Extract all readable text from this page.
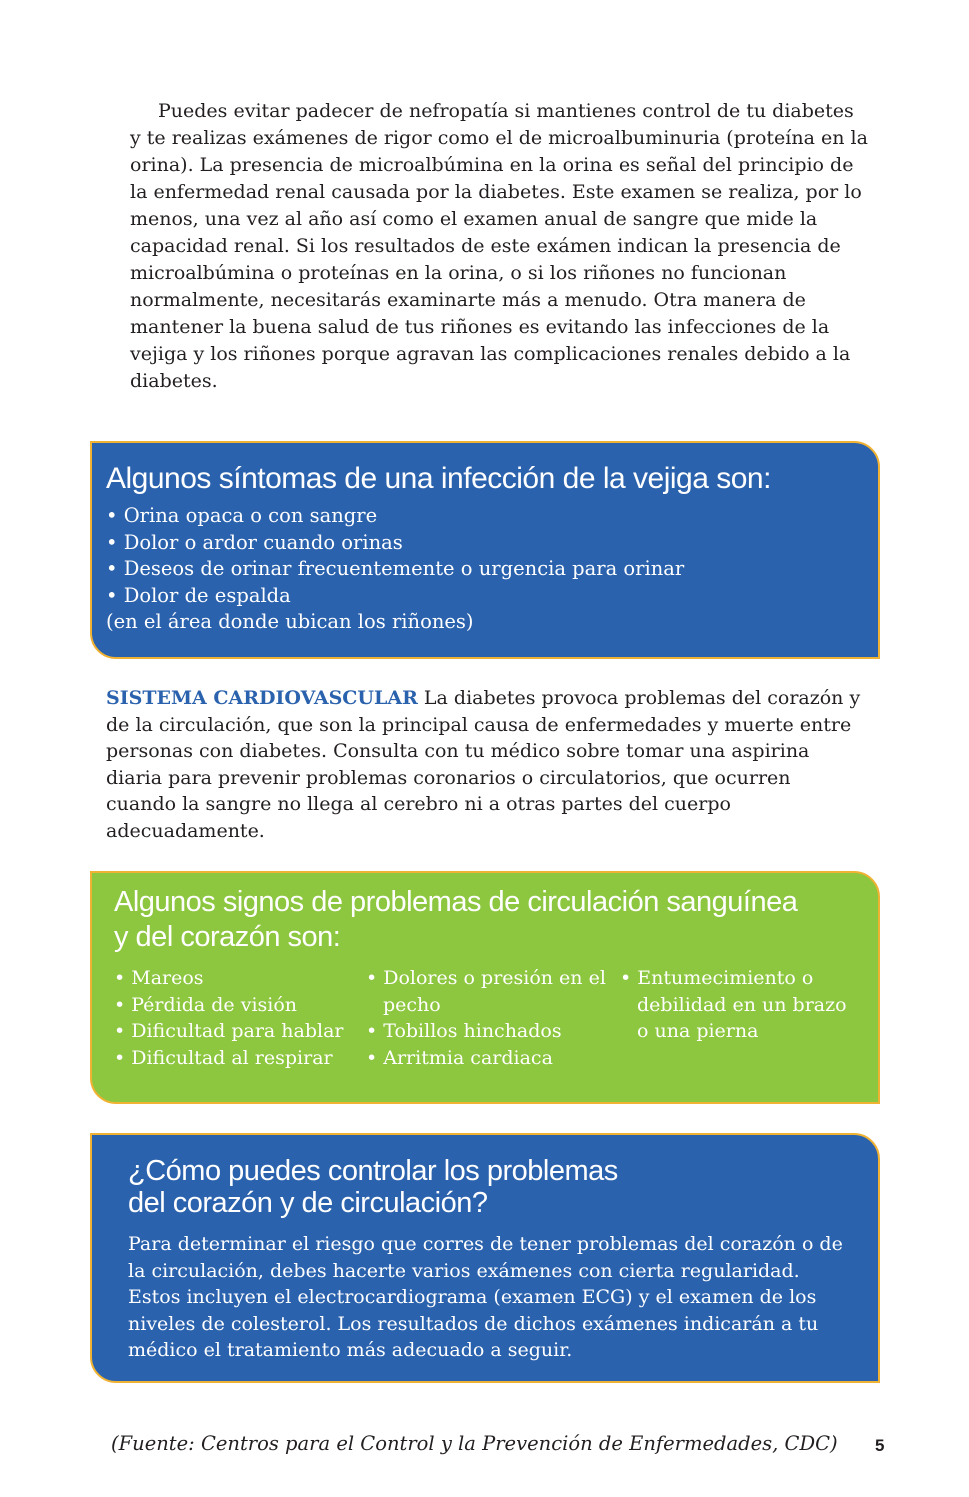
Puedes evitar padecer de nefropatía si mantienes control de tu diabetes y te realizas exámenes de rigor como el de microalbuminuria (proteína en la orina). La presencia de microalbúmina en la orina es señal del principio de la enfermedad renal causada por la diabetes. Este examen se realiza, por lo menos, una vez al año así como el examen anual de sangre que mide la capacidad renal. Si los resultados de este exámen indican la presencia de microalbúmina o proteínas en la orina, o si los riñones no funcionan normalmente, necesitarás examinarte más a menudo. Otra manera de mantener la buena salud de tus riñones es evitando las infecciones de la vejiga y los riñones porque agravan las complicaciones renales debido a la diabetes.

Algunos síntomas de una infección de la vejiga son:
• Orina opaca o con sangre
• Dolor o ardor cuando orinas
• Deseos de orinar frecuentemente o urgencia para orinar
• Dolor de espalda
(en el área donde ubican los riñones)

SISTEMA CARDIOVASCULAR La diabetes provoca problemas del corazón y de la circulación, que son la principal causa de enfermedades y muerte entre personas con diabetes. Consulta con tu médico sobre tomar una aspirina diaria para prevenir problemas coronarios o circulatorios, que ocurren cuando la sangre no llega al cerebro ni a otras partes del cuerpo adecuadamente.

Algunos signos de problemas de circulación sanguínea
y del corazón son:
• Mareos
• Pérdida de visión
• Dificultad para hablar
• Dificultad al respirar
• Dolores o presión en el pecho
• Tobillos hinchados
• Arritmia cardiaca
• Entumecimiento o debilidad en un brazo o una pierna
¿Cómo puedes controlar los problemas
del corazón y de circulación?

Para determinar el riesgo que corres de tener problemas del corazón o de la circulación, debes hacerte varios exámenes con cierta regularidad. Estos incluyen el electrocardiograma (examen ECG) y el examen de los niveles de colesterol. Los resultados de dichos exámenes indicarán a tu médico el tratamiento más adecuado a seguir.

(Fuente: Centros para el Control y la Prevención de Enfermedades, CDC) 5
